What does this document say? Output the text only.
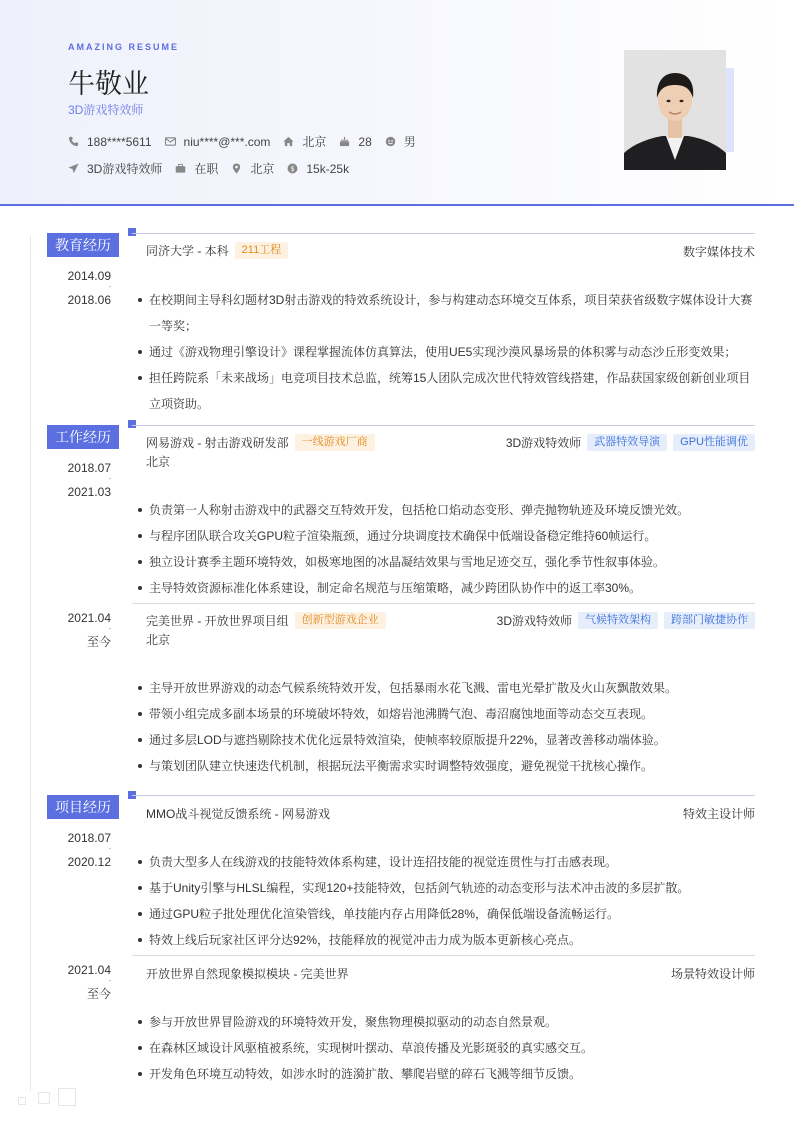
AMAZING RESUME
牛敬业
3D游戏特效师
188****5611	niu****@***.com	北京	28	男
3D游戏特效师	在职	北京 $ 15k-25k
教育经历
2014.09
-
2018.06
同济大学 - 本科	211工程	数字媒体技术
在校期间主导科幻题材3D射击游戏的特效系统设计，参与构建动态环境交互体系，项目荣获省级数字媒体设计大赛一等奖；
通过《游戏物理引擎设计》课程掌握流体仿真算法，使用UE5实现沙漠风暴场景的体积雾与动态沙丘形变效果；
担任跨院系「未来战场」电竞项目技术总监，统筹15人团队完成次世代特效管线搭建，作品获国家级创新创业项目立项资助。
工作经历
2018.07
-
2021.03
网易游戏 - 射击游戏研发部	一线游戏厂商
北京
3D游戏特效师	武器特效导演	GPU性能调优
负责第一人称射击游戏中的武器交互特效开发，包括枪口焰动态变形、弹壳抛物轨迹及环境反馈光效。
与程序团队联合攻关GPU粒子渲染瓶颈，通过分块调度技术确保中低端设备稳定维持60帧运行。
独立设计赛季主题环境特效，如极寒地图的冰晶凝结效果与雪地足迹交互，强化季节性叙事体验。
主导特效资源标准化体系建设，制定命名规范与压缩策略，减少跨团队协作中的返工率30%。
2021.04
-
至今
完美世界 - 开放世界项目组	创新型游戏企业
北京
3D游戏特效师	气候特效架构	跨部门敏捷协作
主导开放世界游戏的动态气候系统特效开发，包括暴雨水花飞溅、雷电光晕扩散及火山灰飘散效果。
带领小组完成多副本场景的环境破坏特效，如熔岩池沸腾气泡、毒沼腐蚀地面等动态交互表现。
通过多层LOD与遮挡剔除技术优化远景特效渲染，使帧率较原版提升22%，显著改善移动端体验。
与策划团队建立快速迭代机制，根据玩法平衡需求实时调整特效强度，避免视觉干扰核心操作。
项目经历
2018.07
-
2020.12
MMO战斗视觉反馈系统 - 网易游戏	特效主设计师
负责大型多人在线游戏的技能特效体系构建，设计连招技能的视觉连贯性与打击感表现。
基于Unity引擎与HLSL编程，实现120+技能特效，包括剑气轨迹的动态变形与法术冲击波的多层扩散。
通过GPU粒子批处理优化渲染管线，单技能内存占用降低28%，确保低端设备流畅运行。
特效上线后玩家社区评分达92%，技能释放的视觉冲击力成为版本更新核心亮点。
2021.04
-
至今
开放世界自然现象模拟模块 - 完美世界	场景特效设计师
参与开放世界冒险游戏的环境特效开发，聚焦物理模拟驱动的动态自然景观。
在森林区域设计风驱植被系统，实现树叶摆动、草浪传播及光影斑驳的真实感交互。
开发角色环境互动特效，如涉水时的涟漪扩散、攀爬岩壁的碎石飞溅等细节反馈。
